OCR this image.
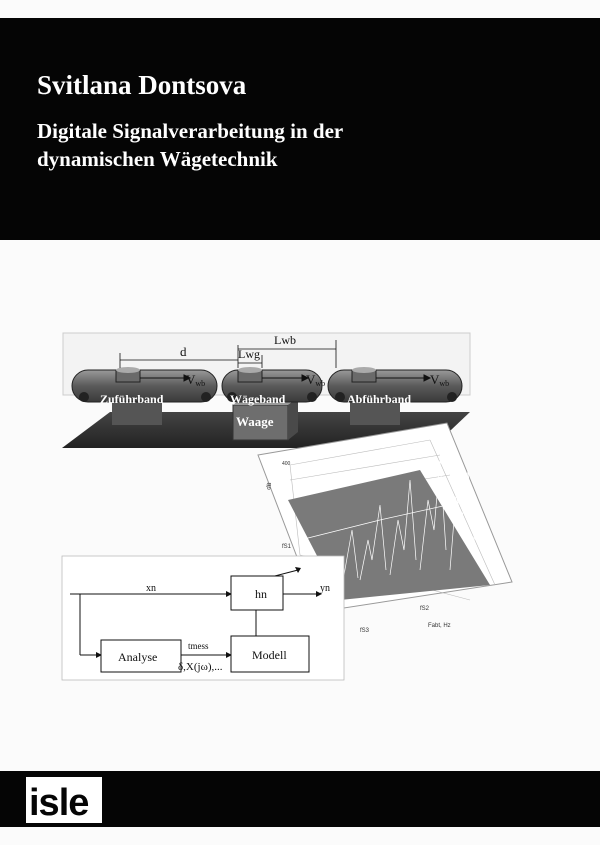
Svitlana Dontsova
Digitale Signalverarbeitung in der
dynamischen Wägetechnik
Waage
Zuführband	Wägeband	Abführband
Vwb	Vwb	Vwb
d
Lwb
Lwg
400
dB
Fabt, Hz
fS1
fS2
fS3
hn
Analyse	Modell
xn	yn
tmess
δ,X(jω),...
isle
